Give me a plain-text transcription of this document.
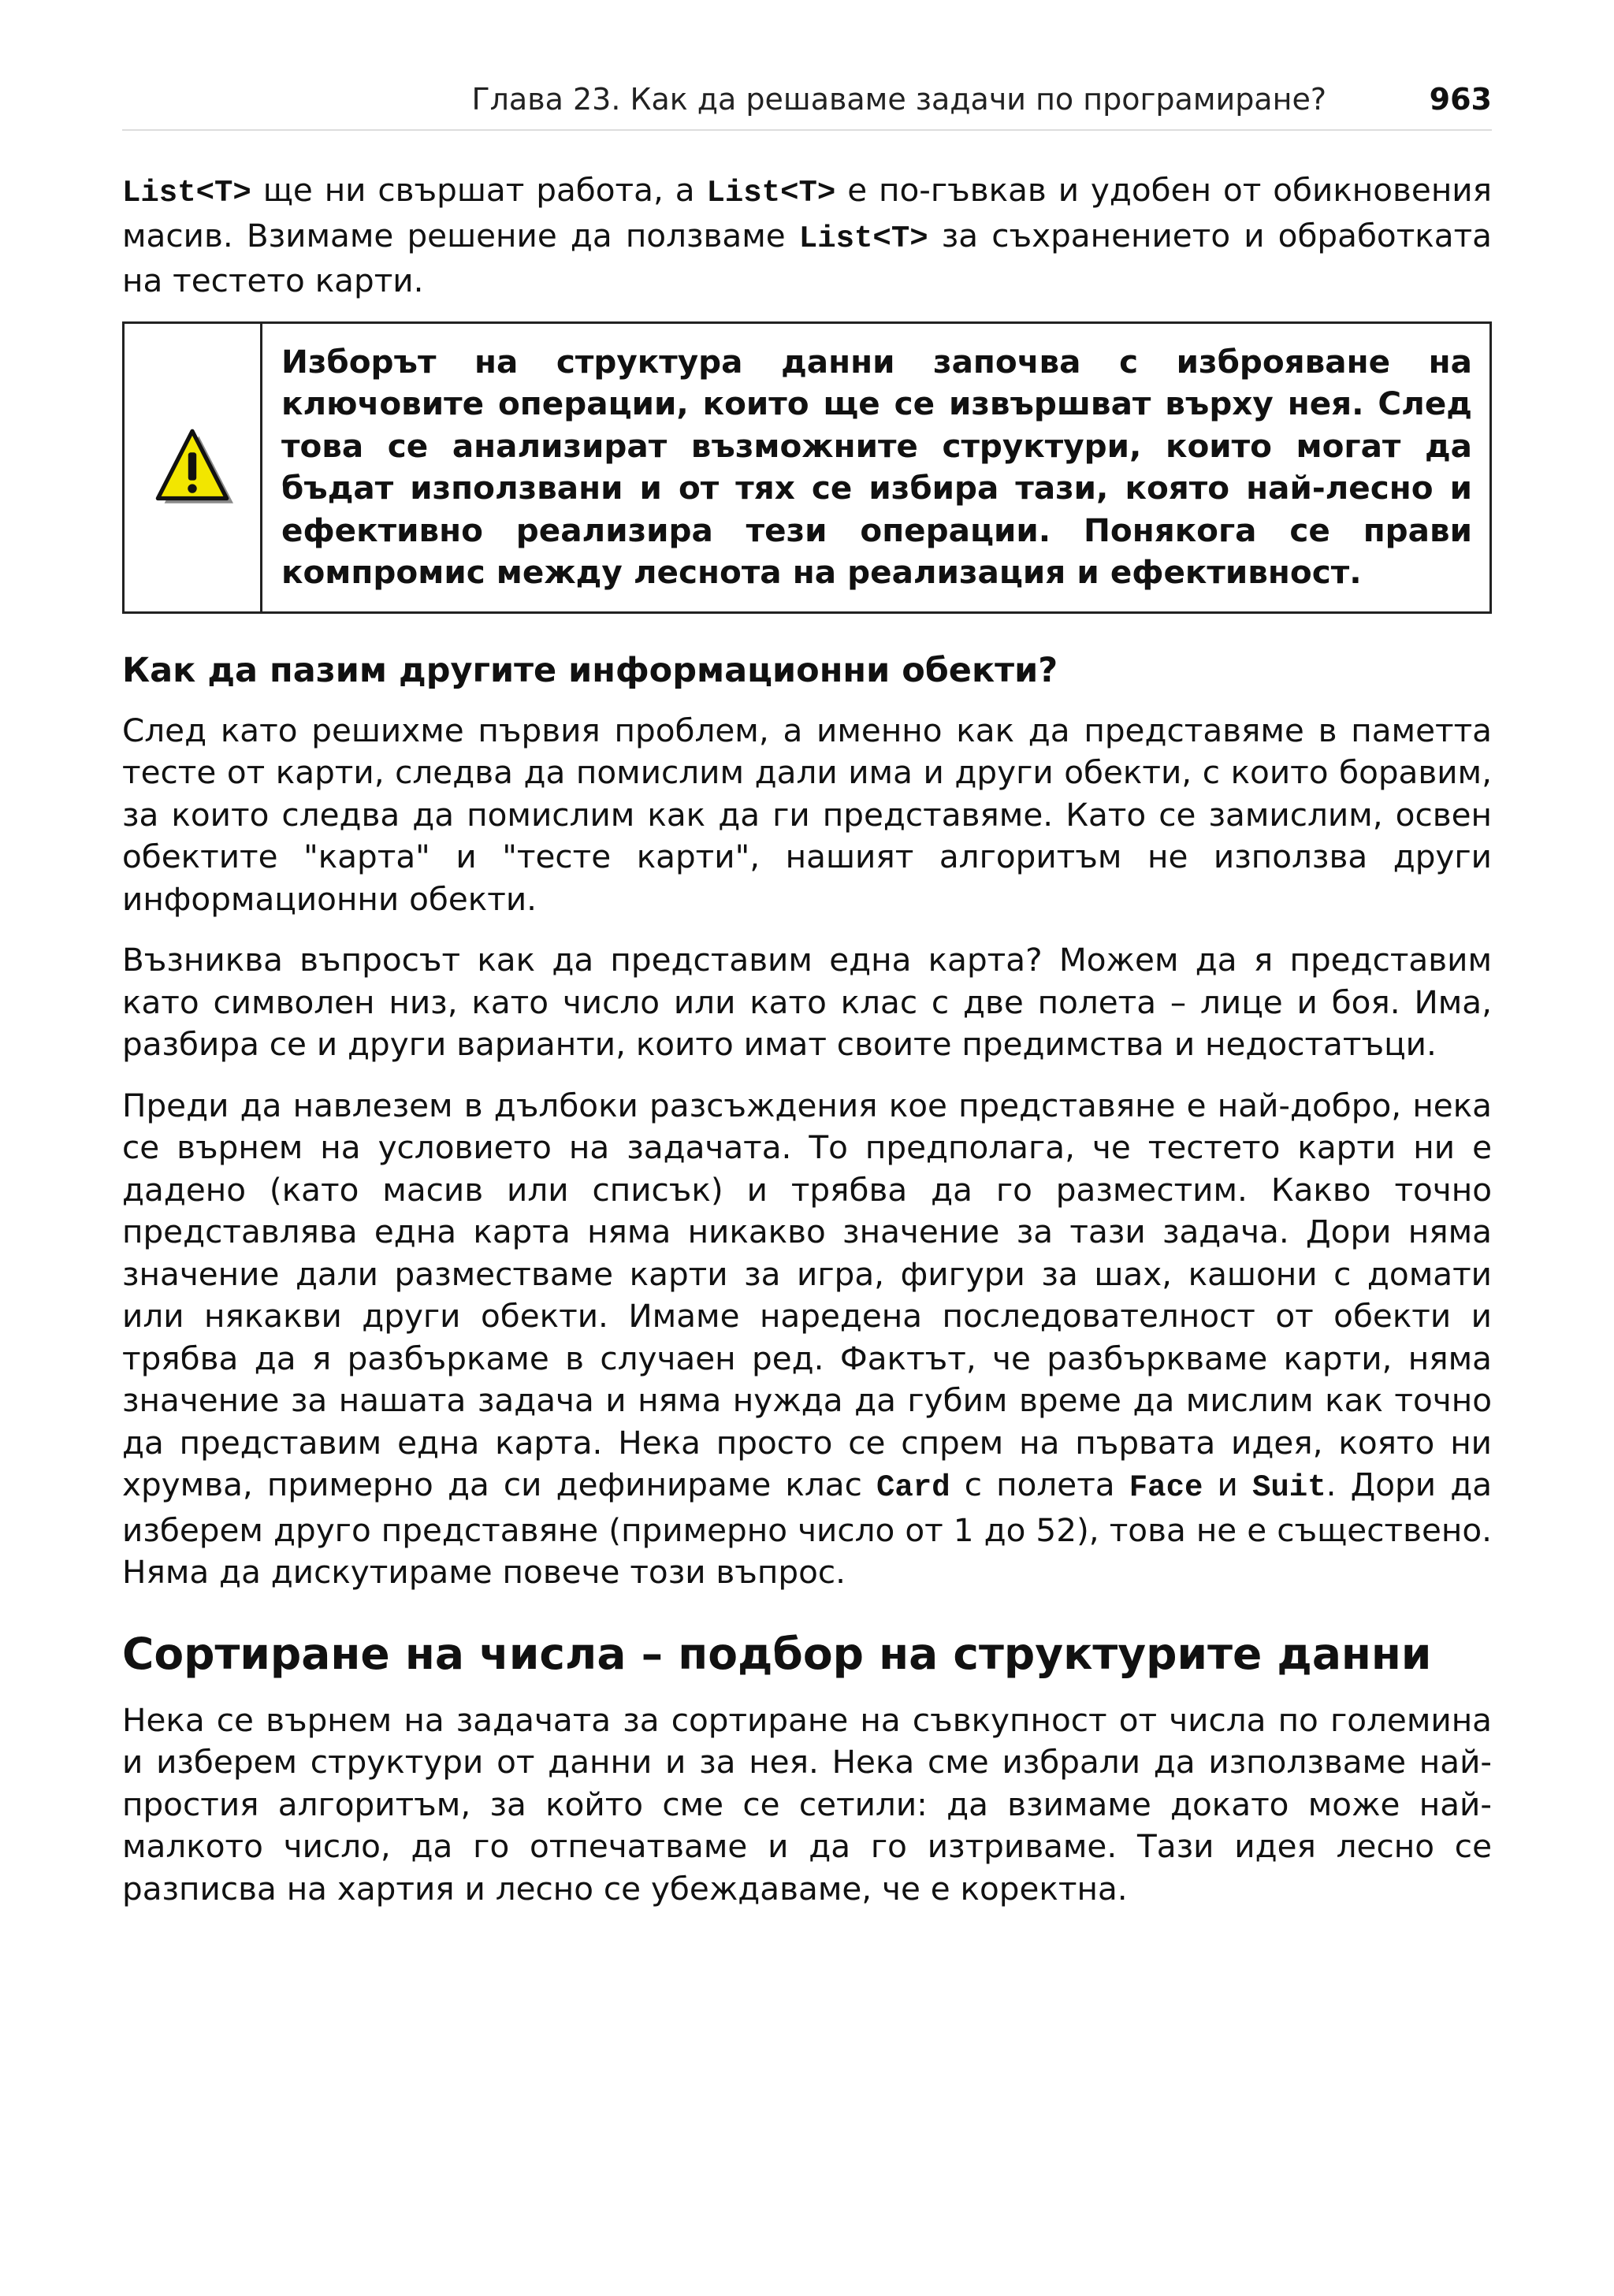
Глава 23. Как да решаваме задачи по програмиране?	963

List<T> ще ни свършат работа, а List<T> е по-гъвкав и удобен от обикновения масив. Взимаме решение да ползваме List<T> за съхранението и обработката на тестето карти.

Изборът на структура данни започва с изброяване на ключовите операции, които ще се извършват върху нея. След това се анализират възможните структури, които могат да бъдат използвани и от тях се избира тази, която най-лесно и ефективно реализира тези операции. Понякога се прави компромис между леснота на реализация и ефективност.

Как да пазим другите информационни обекти?

След като решихме първия проблем, а именно как да представяме в паметта тесте от карти, следва да помислим дали има и други обекти, с които боравим, за които следва да помислим как да ги представяме. Като се замислим, освен обектите "карта" и "тесте карти", нашият алгоритъм не използва други информационни обекти.

Възниква въпросът как да представим една карта? Можем да я представим като символен низ, като число или като клас с две полета – лице и боя. Има, разбира се и други варианти, които имат своите предимства и недостатъци.

Преди да навлезем в дълбоки разсъждения кое представяне е най-добро, нека се върнем на условието на задачата. То предполага, че тестето карти ни е дадено (като масив или списък) и трябва да го разместим. Какво точно представлява една карта няма никакво значение за тази задача. Дори няма значение дали разместваме карти за игра, фигури за шах, кашони с домати или някакви други обекти. Имаме наредена последователност от обекти и трябва да я разбъркаме в случаен ред. Фактът, че разбъркваме карти, няма значение за нашата задача и няма нужда да губим време да мислим как точно да представим една карта. Нека просто се спрем на първата идея, която ни хрумва, примерно да си дефинираме клас Card с полета Face и Suit. Дори да изберем друго представяне (примерно число от 1 до 52), това не е съществено. Няма да дискутираме повече този въпрос.

Сортиране на числа – подбор на структурите данни

Нека се върнем на задачата за сортиране на съвкупност от числа по големина и изберем структури от данни и за нея. Нека сме избрали да използваме най-простия алгоритъм, за който сме се сетили: да взимаме докато може най-малкото число, да го отпечатваме и да го изтриваме. Тази идея лесно се разписва на хартия и лесно се убеждаваме, че е коректна.
